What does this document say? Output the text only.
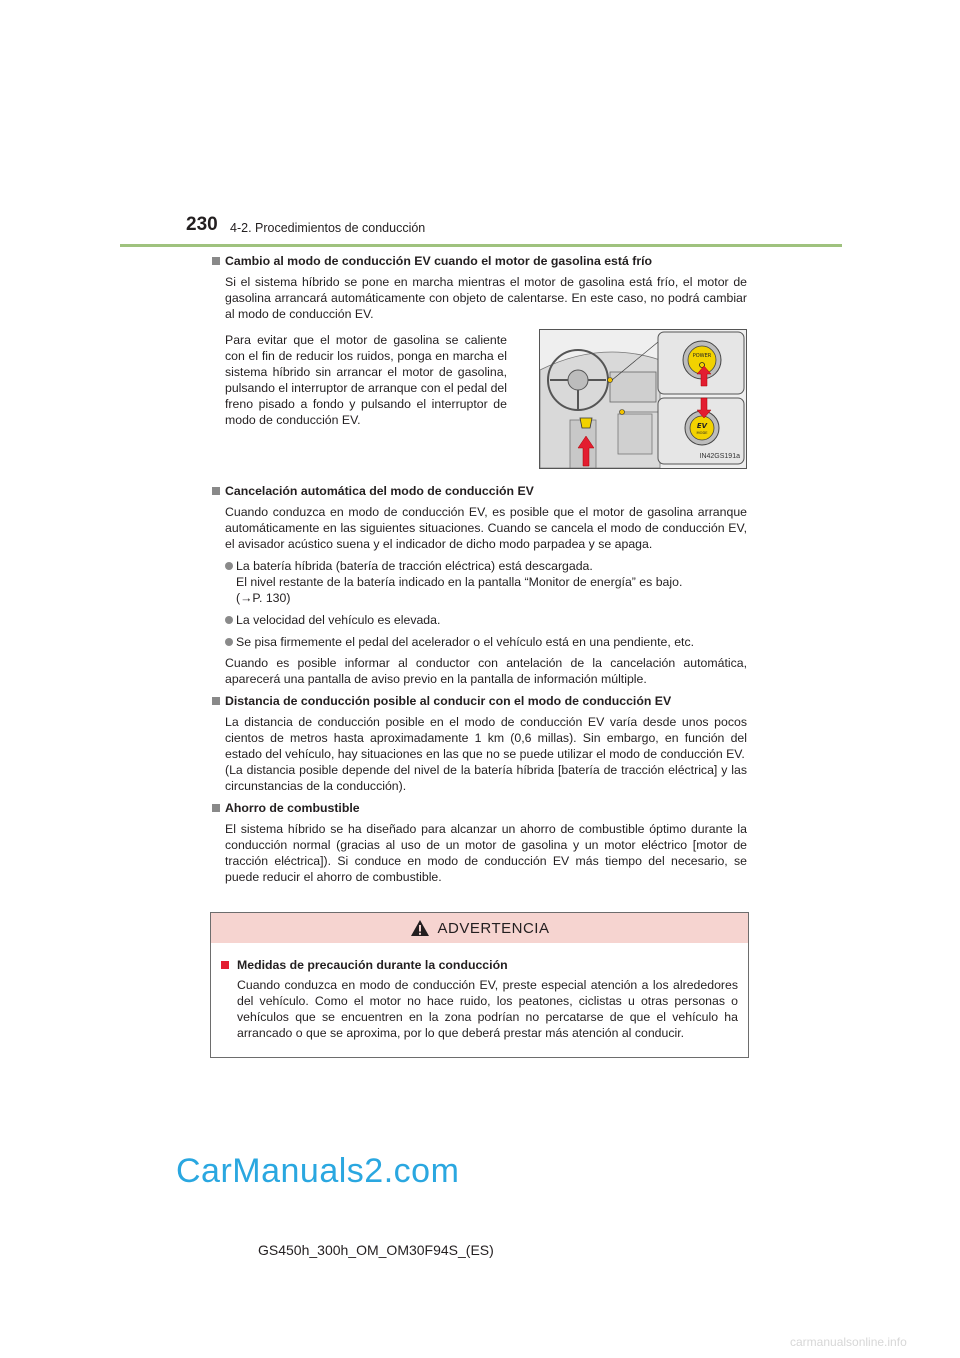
230 4-2. Procedimientos de conducción
Cambio al modo de conducción EV cuando el motor de gasolina está frío
Si el sistema híbrido se pone en marcha mientras el motor de gasolina está frío, el motor de gasolina arrancará automáticamente con objeto de calentarse. En este caso, no podrá cambiar al modo de conducción EV.
Para evitar que el motor de gasolina se caliente con el fin de reducir los ruidos, ponga en marcha el sistema híbrido sin arrancar el motor de gasolina, pulsando el interruptor de arranque con el pedal del freno pisado a fondo y pulsando el interruptor de modo de conducción EV.
POWER
EV
MODE
IN42GS191a
Cancelación automática del modo de conducción EV
Cuando conduzca en modo de conducción EV, es posible que el motor de gasolina arranque automáticamente en las siguientes situaciones. Cuando se cancela el modo de conducción EV, el avisador acústico suena y el indicador de dicho modo parpadea y se apaga.
La batería híbrida (batería de tracción eléctrica) está descargada.
El nivel restante de la batería indicado en la pantalla “Monitor de energía” es bajo.
(→P. 130)
La velocidad del vehículo es elevada.
Se pisa firmemente el pedal del acelerador o el vehículo está en una pendiente, etc.
Cuando es posible informar al conductor con antelación de la cancelación automática, aparecerá una pantalla de aviso previo en la pantalla de información múltiple.
Distancia de conducción posible al conducir con el modo de conducción EV
La distancia de conducción posible en el modo de conducción EV varía desde unos pocos cientos de metros hasta aproximadamente 1 km (0,6 millas). Sin embargo, en función del estado del vehículo, hay situaciones en las que no se puede utilizar el modo de conducción EV.
(La distancia posible depende del nivel de la batería híbrida [batería de tracción eléctrica] y las circunstancias de la conducción).
Ahorro de combustible
El sistema híbrido se ha diseñado para alcanzar un ahorro de combustible óptimo durante la conducción normal (gracias al uso de un motor de gasolina y un motor eléctrico [motor de tracción eléctrica]). Si conduce en modo de conducción EV más tiempo del necesario, se puede reducir el ahorro de combustible.
ADVERTENCIA
Medidas de precaución durante la conducción
Cuando conduzca en modo de conducción EV, preste especial atención a los alrededores del vehículo. Como el motor no hace ruido, los peatones, ciclistas u otras personas o vehículos que se encuentren en la zona podrían no percatarse de que el vehículo ha arrancado o que se aproxima, por lo que deberá prestar más atención al conducir.
CarManuals2.com
GS450h_300h_OM_OM30F94S_(ES)
carmanualsonline.info
